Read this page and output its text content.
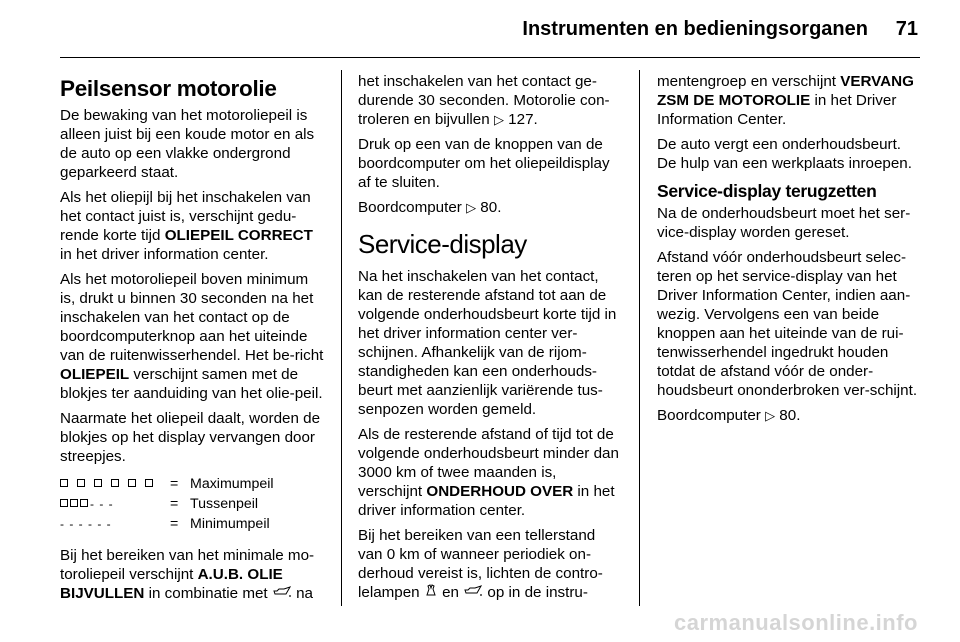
Instrumenten en bedieningsorganen 71
Peilsensor motorolie

De bewaking van het motoroliepeil is alleen juist bij een koude motor en als de auto op een vlakke ondergrond geparkeerd staat.

Als het oliepijl bij het inschakelen van het contact juist is, verschijnt gedu-rende korte tijd OLIEPEIL CORRECT in het driver information center.

Als het motoroliepeil boven minimum is, drukt u binnen 30 seconden na het inschakelen van het contact op de boordcomputerknop aan het uiteinde van de ruitenwisserhendel. Het be-richt OLIEPEIL verschijnt samen met de blokjes ter aanduiding van het olie-peil.

Naarmate het oliepeil daalt, worden de blokjes op het display vervangen door streepjes.

	=	Maximumpeil
- - -	=	Tussenpeil
- - - - - -	=	Minimumpeil

Bij het bereiken van het minimale mo-toroliepeil verschijnt A.U.B. OLIE BIJVULLEN in combinatie met  na

het inschakelen van het contact ge-durende 30 seconden. Motorolie con-troleren en bijvullen ▷ 127.

Druk op een van de knoppen van de boordcomputer om het oliepeildisplay af te sluiten.

Boordcomputer ▷ 80.

Service-display

Na het inschakelen van het contact, kan de resterende afstand tot aan de volgende onderhoudsbeurt korte tijd in het driver information center ver-schijnen. Afhankelijk van de rijom-standigheden kan een onderhouds-beurt met aanzienlijk variërende tus-senpozen worden gemeld.

Als de resterende afstand of tijd tot de volgende onderhoudsbeurt minder dan 3000 km of twee maanden is, verschijnt ONDERHOUD OVER in het driver information center.

Bij het bereiken van een tellerstand van 0 km of wanneer periodiek on-derhoud vereist is, lichten de contro-lelampen  en  op in de instru-

mentengroep en verschijnt VERVANG ZSM DE MOTOROLIE in het Driver Information Center.

De auto vergt een onderhoudsbeurt. De hulp van een werkplaats inroepen.

Service-display terugzetten

Na de onderhoudsbeurt moet het ser-vice-display worden gereset.

Afstand vóór onderhoudsbeurt selec-teren op het service-display van het Driver Information Center, indien aan-wezig. Vervolgens een van beide knoppen aan het uiteinde van de rui-tenwisserhendel ingedrukt houden totdat de afstand vóór de onder-houdsbeurt ononderbroken ver-schijnt.

Boordcomputer ▷ 80.

carmanualsonline.info
